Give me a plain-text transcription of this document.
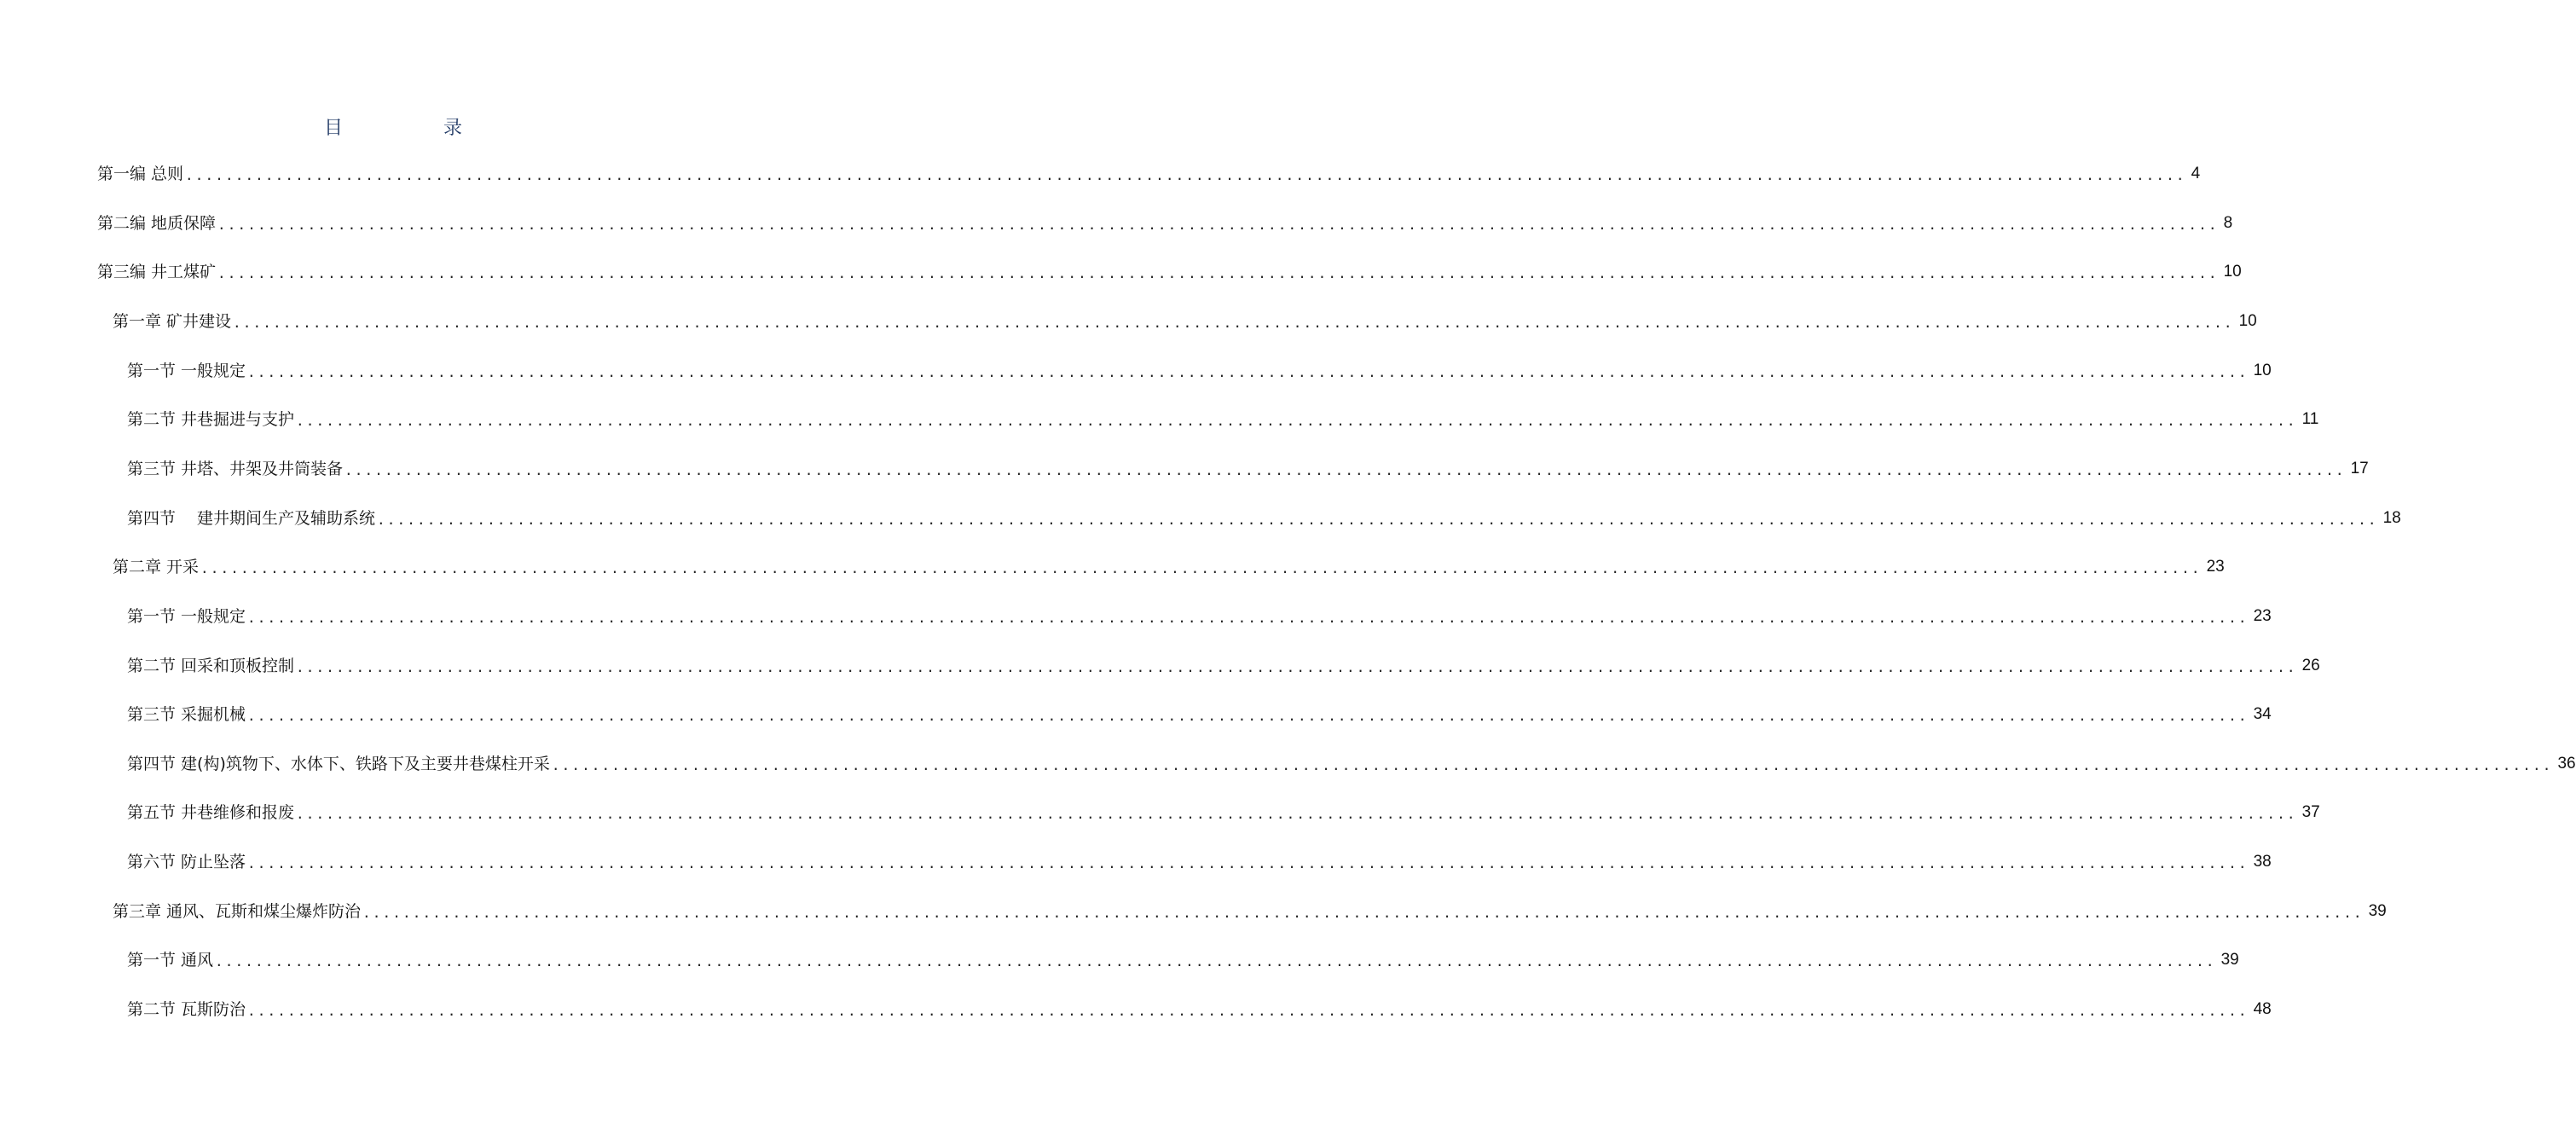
目　录
第一编 总则 ........................................................................................................................................................................................................ 4
第二编 地质保障 ........................................................................................................................................................................................................ 8
第三编 井工煤矿 ........................................................................................................................................................................................................ 10
第一章 矿井建设 ........................................................................................................................................................................................................ 10
第一节 一般规定 ........................................................................................................................................................................................................ 10
第二节 井巷掘进与支护 ........................................................................................................................................................................................................ 11
第三节 井塔、井架及井筒装备 ........................................................................................................................................................................................................ 17
第四节　 建井期间生产及辅助系统 ........................................................................................................................................................................................................ 18
第二章 开采 ........................................................................................................................................................................................................ 23
第一节 一般规定 ........................................................................................................................................................................................................ 23
第二节 回采和顶板控制 ........................................................................................................................................................................................................ 26
第三节 采掘机械 ........................................................................................................................................................................................................ 34
第四节 建(构)筑物下、水体下、铁路下及主要井巷煤柱开采 ........................................................................................................................................................................................................ 36
第五节 井巷维修和报废 ........................................................................................................................................................................................................ 37
第六节 防止坠落 ........................................................................................................................................................................................................ 38
第三章 通风、瓦斯和煤尘爆炸防治 ........................................................................................................................................................................................................ 39
第一节 通风 ........................................................................................................................................................................................................ 39
第二节 瓦斯防治 ........................................................................................................................................................................................................ 48
